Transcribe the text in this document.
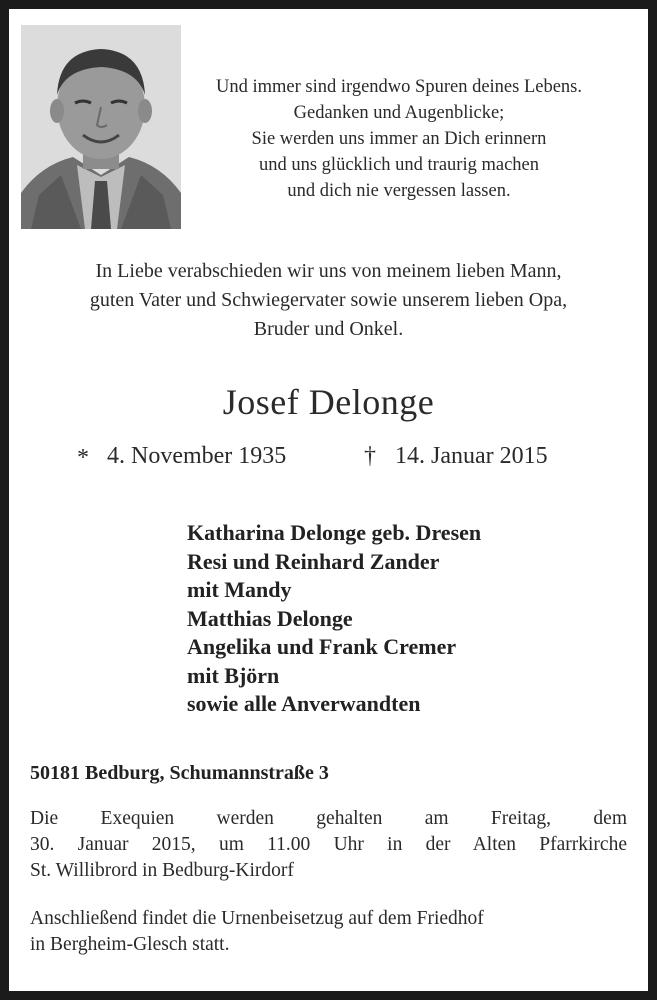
Und immer sind irgendwo Spuren deines Lebens.
Gedanken und Augenblicke;
Sie werden uns immer an Dich erinnern
und uns glücklich und traurig machen
und dich nie vergessen lassen.
In Liebe verabschieden wir uns von meinem lieben Mann,
guten Vater und Schwiegervater sowie unserem lieben Opa,
Bruder und Onkel.
Josef Delonge
* 4. November 1935	† 14. Januar 2015
Katharina Delonge geb. Dresen
Resi und Reinhard Zander
mit Mandy
Matthias Delonge
Angelika und Frank Cremer
mit Björn
sowie alle Anverwandten
50181 Bedburg, Schumannstraße 3
Die Exequien werden gehalten am Freitag, dem
30. Januar 2015, um 11.00 Uhr in der Alten Pfarrkirche
St. Willibrord in Bedburg-Kirdorf
Anschließend findet die Urnenbeisetzug auf dem Friedhof
in Bergheim-Glesch statt.
